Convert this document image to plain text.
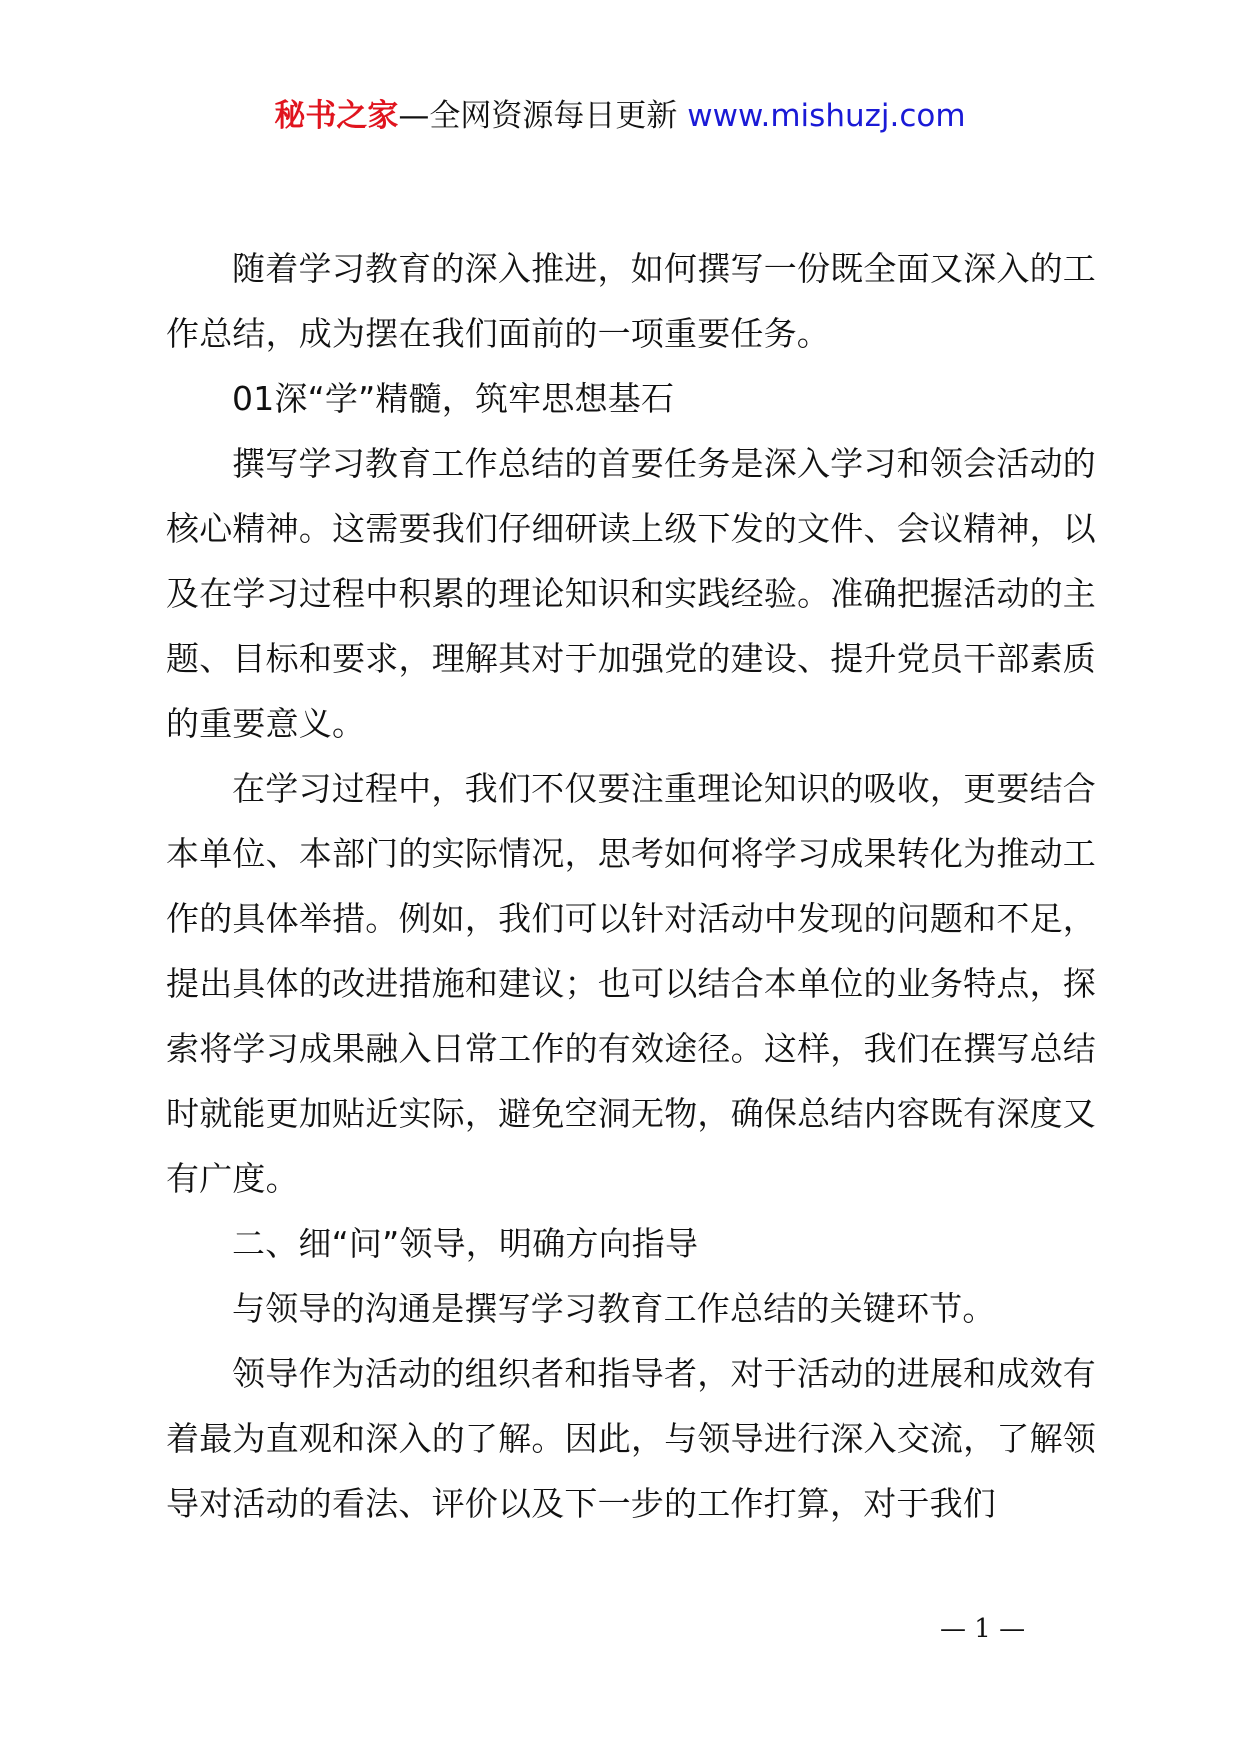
秘书之家—全网资源每日更新 www.mishuzj.com

随着学习教育的深入推进，如何撰写一份既全面又深入的工作总结，成为摆在我们面前的一项重要任务。

01深“学”精髓，筑牢思想基石

撰写学习教育工作总结的首要任务是深入学习和领会活动的核心精神。这需要我们仔细研读上级下发的文件、会议精神，以及在学习过程中积累的理论知识和实践经验。准确把握活动的主题、目标和要求，理解其对于加强党的建设、提升党员干部素质的重要意义。

在学习过程中，我们不仅要注重理论知识的吸收，更要结合本单位、本部门的实际情况，思考如何将学习成果转化为推动工作的具体举措。例如，我们可以针对活动中发现的问题和不足，提出具体的改进措施和建议；也可以结合本单位的业务特点，探索将学习成果融入日常工作的有效途径。这样，我们在撰写总结时就能更加贴近实际，避免空洞无物，确保总结内容既有深度又有广度。

二、细“问”领导，明确方向指导

与领导的沟通是撰写学习教育工作总结的关键环节。

领导作为活动的组织者和指导者，对于活动的进展和成效有着最为直观和深入的了解。因此，与领导进行深入交流，了解领导对活动的看法、评价以及下一步的工作打算，对于我们

— 1 —
